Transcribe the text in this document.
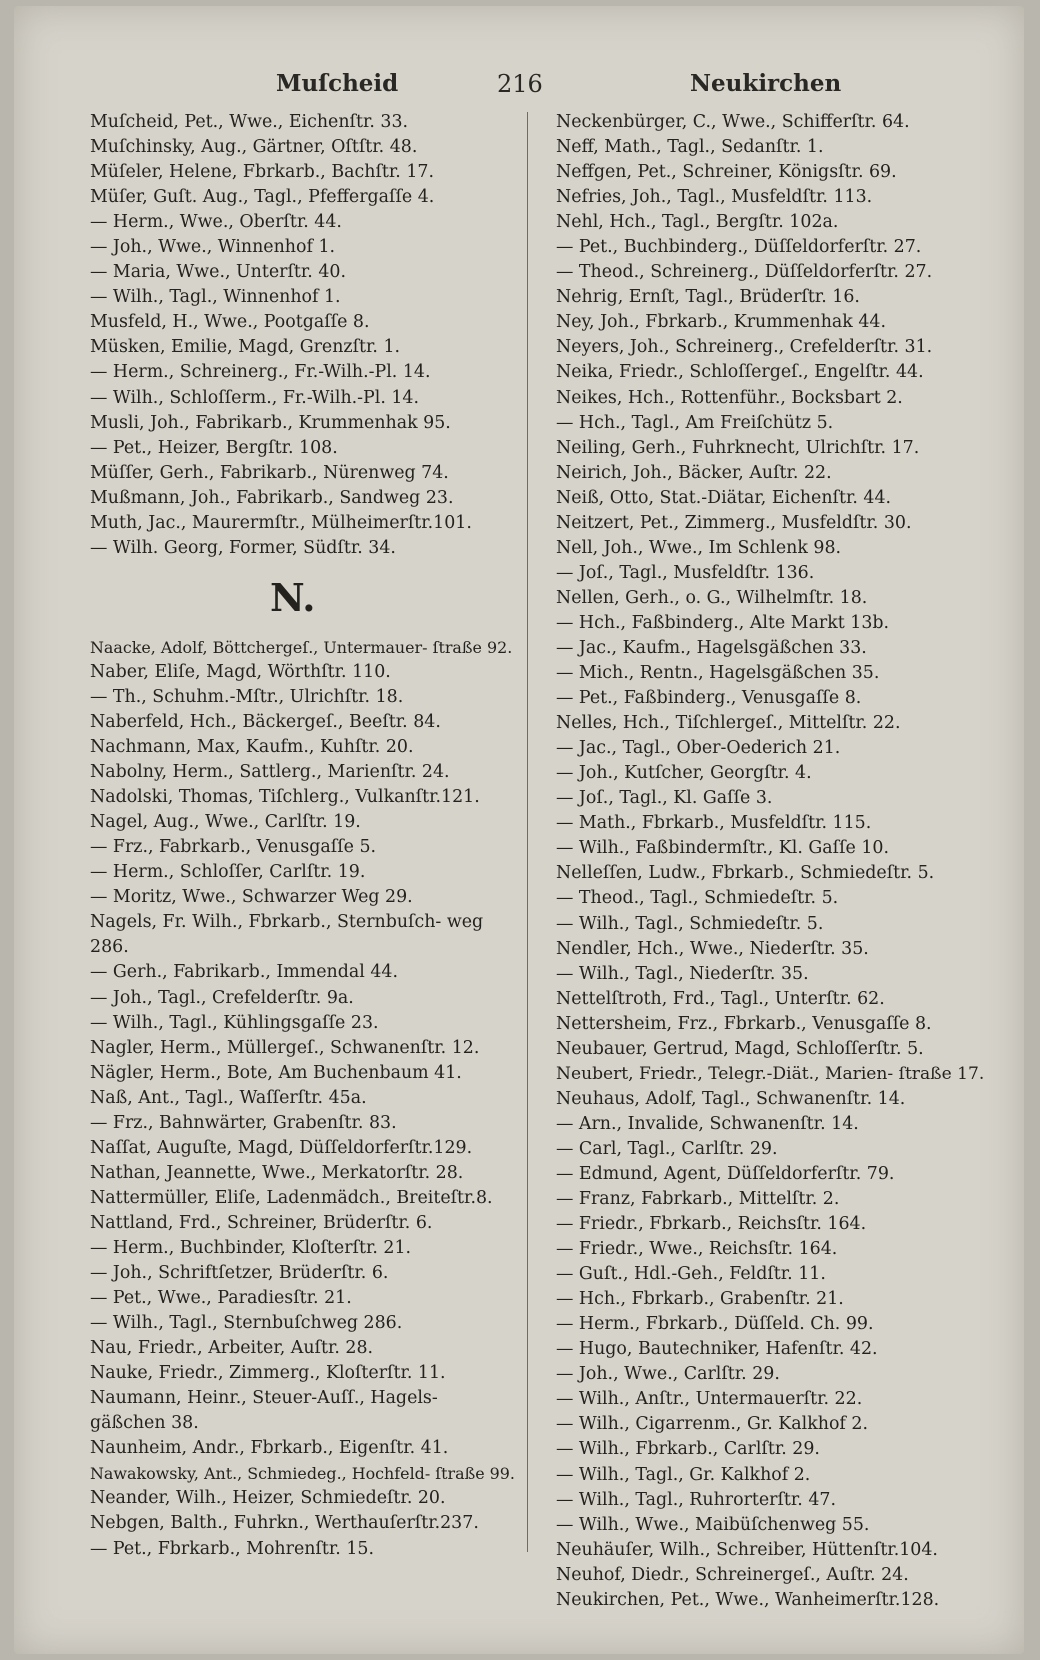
Muſcheid	216	Neukirchen
Muſcheid, Pet., Wwe., Eichenſtr. 33.
Muſchinsky, Aug., Gärtner, Oſtſtr. 48.
Müſeler, Helene, Fbrkarb., Bachſtr. 17.
Müſer, Guſt. Aug., Tagl., Pfeffergaſſe 4.
— Herm., Wwe., Oberſtr. 44.
— Joh., Wwe., Winnenhof 1.
— Maria, Wwe., Unterſtr. 40.
— Wilh., Tagl., Winnenhof 1.
Musfeld, H., Wwe., Pootgaſſe 8.
Müsken, Emilie, Magd, Grenzſtr. 1.
— Herm., Schreinerg., Fr.-Wilh.-Pl. 14.
— Wilh., Schloſſerm., Fr.-Wilh.-Pl. 14.
Musli, Joh., Fabrikarb., Krummenhak 95.
— Pet., Heizer, Bergſtr. 108.
Müſſer, Gerh., Fabrikarb., Nürenweg 74.
Mußmann, Joh., Fabrikarb., Sandweg 23.
Muth, Jac., Maurermſtr., Mülheimerſtr.101.
— Wilh. Georg, Former, Südſtr. 34.
N.
Naacke, Adolf, Böttchergeſ., Untermauer- ſtraße 92.
Naber, Eliſe, Magd, Wörthſtr. 110.
— Th., Schuhm.-Mſtr., Ulrichſtr. 18.
Naberfeld, Hch., Bäckergeſ., Beeſtr. 84.
Nachmann, Max, Kaufm., Kuhſtr. 20.
Nabolny, Herm., Sattlerg., Marienſtr. 24.
Nadolski, Thomas, Tiſchlerg., Vulkanſtr.121.
Nagel, Aug., Wwe., Carlſtr. 19.
— Frz., Fabrkarb., Venusgaſſe 5.
— Herm., Schloſſer, Carlſtr. 19.
— Moritz, Wwe., Schwarzer Weg 29.
Nagels, Fr. Wilh., Fbrkarb., Sternbuſch- weg 286.
— Gerh., Fabrikarb., Immendal 44.
— Joh., Tagl., Crefelderſtr. 9a.
— Wilh., Tagl., Kühlingsgaſſe 23.
Nagler, Herm., Müllergeſ., Schwanenſtr. 12.
Nägler, Herm., Bote, Am Buchenbaum 41.
Naß, Ant., Tagl., Waſſerſtr. 45a.
— Frz., Bahnwärter, Grabenſtr. 83.
Naſſat, Auguſte, Magd, Düſſeldorferſtr.129.
Nathan, Jeannette, Wwe., Merkatorſtr. 28.
Nattermüller, Eliſe, Ladenmädch., Breiteſtr.8.
Nattland, Frd., Schreiner, Brüderſtr. 6.
— Herm., Buchbinder, Kloſterſtr. 21.
— Joh., Schriftſetzer, Brüderſtr. 6.
— Pet., Wwe., Paradiesſtr. 21.
— Wilh., Tagl., Sternbuſchweg 286.
Nau, Friedr., Arbeiter, Auſtr. 28.
Nauke, Friedr., Zimmerg., Kloſterſtr. 11.
Naumann, Heinr., Steuer-Auſſ., Hagels- gäßchen 38.
Naunheim, Andr., Fbrkarb., Eigenſtr. 41.
Nawakowsky, Ant., Schmiedeg., Hochfeld- ſtraße 99.
Neander, Wilh., Heizer, Schmiedeſtr. 20.
Nebgen, Balth., Fuhrkn., Werthauſerſtr.237.
— Pet., Fbrkarb., Mohrenſtr. 15.
Neckenbürger, C., Wwe., Schifferſtr. 64.
Neff, Math., Tagl., Sedanſtr. 1.
Neffgen, Pet., Schreiner, Königsſtr. 69.
Nefries, Joh., Tagl., Musfeldſtr. 113.
Nehl, Hch., Tagl., Bergſtr. 102a.
— Pet., Buchbinderg., Düſſeldorferſtr. 27.
— Theod., Schreinerg., Düſſeldorferſtr. 27.
Nehrig, Ernſt, Tagl., Brüderſtr. 16.
Ney, Joh., Fbrkarb., Krummenhak 44.
Neyers, Joh., Schreinerg., Crefelderſtr. 31.
Neika, Friedr., Schloſſergeſ., Engelſtr. 44.
Neikes, Hch., Rottenführ., Bocksbart 2.
— Hch., Tagl., Am Freiſchütz 5.
Neiling, Gerh., Fuhrknecht, Ulrichſtr. 17.
Neirich, Joh., Bäcker, Auſtr. 22.
Neiß, Otto, Stat.-Diätar, Eichenſtr. 44.
Neitzert, Pet., Zimmerg., Musfeldſtr. 30.
Nell, Joh., Wwe., Im Schlenk 98.
— Joſ., Tagl., Musfeldſtr. 136.
Nellen, Gerh., o. G., Wilhelmſtr. 18.
— Hch., Faßbinderg., Alte Markt 13b.
— Jac., Kaufm., Hagelsgäßchen 33.
— Mich., Rentn., Hagelsgäßchen 35.
— Pet., Faßbinderg., Venusgaſſe 8.
Nelles, Hch., Tiſchlergeſ., Mittelſtr. 22.
— Jac., Tagl., Ober-Oederich 21.
— Joh., Kutſcher, Georgſtr. 4.
— Joſ., Tagl., Kl. Gaſſe 3.
— Math., Fbrkarb., Musfeldſtr. 115.
— Wilh., Faßbindermſtr., Kl. Gaſſe 10.
Nelleſſen, Ludw., Fbrkarb., Schmiedeſtr. 5.
— Theod., Tagl., Schmiedeſtr. 5.
— Wilh., Tagl., Schmiedeſtr. 5.
Nendler, Hch., Wwe., Niederſtr. 35.
— Wilh., Tagl., Niederſtr. 35.
Nettelſtroth, Frd., Tagl., Unterſtr. 62.
Nettersheim, Frz., Fbrkarb., Venusgaſſe 8.
Neubauer, Gertrud, Magd, Schloſſerſtr. 5.
Neubert, Friedr., Telegr.-Diät., Marien- ſtraße 17.
Neuhaus, Adolf, Tagl., Schwanenſtr. 14.
— Arn., Invalide, Schwanenſtr. 14.
— Carl, Tagl., Carlſtr. 29.
— Edmund, Agent, Düſſeldorferſtr. 79.
— Franz, Fabrkarb., Mittelſtr. 2.
— Friedr., Fbrkarb., Reichsſtr. 164.
— Friedr., Wwe., Reichsſtr. 164.
— Guſt., Hdl.-Geh., Feldſtr. 11.
— Hch., Fbrkarb., Grabenſtr. 21.
— Herm., Fbrkarb., Düſſeld. Ch. 99.
— Hugo, Bautechniker, Hafenſtr. 42.
— Joh., Wwe., Carlſtr. 29.
— Wilh., Anſtr., Untermauerſtr. 22.
— Wilh., Cigarrenm., Gr. Kalkhof 2.
— Wilh., Fbrkarb., Carlſtr. 29.
— Wilh., Tagl., Gr. Kalkhof 2.
— Wilh., Tagl., Ruhrorterſtr. 47.
— Wilh., Wwe., Maibüſchenweg 55.
Neuhäuſer, Wilh., Schreiber, Hüttenſtr.104.
Neuhof, Diedr., Schreinergeſ., Auſtr. 24.
Neukirchen, Pet., Wwe., Wanheimerſtr.128.
